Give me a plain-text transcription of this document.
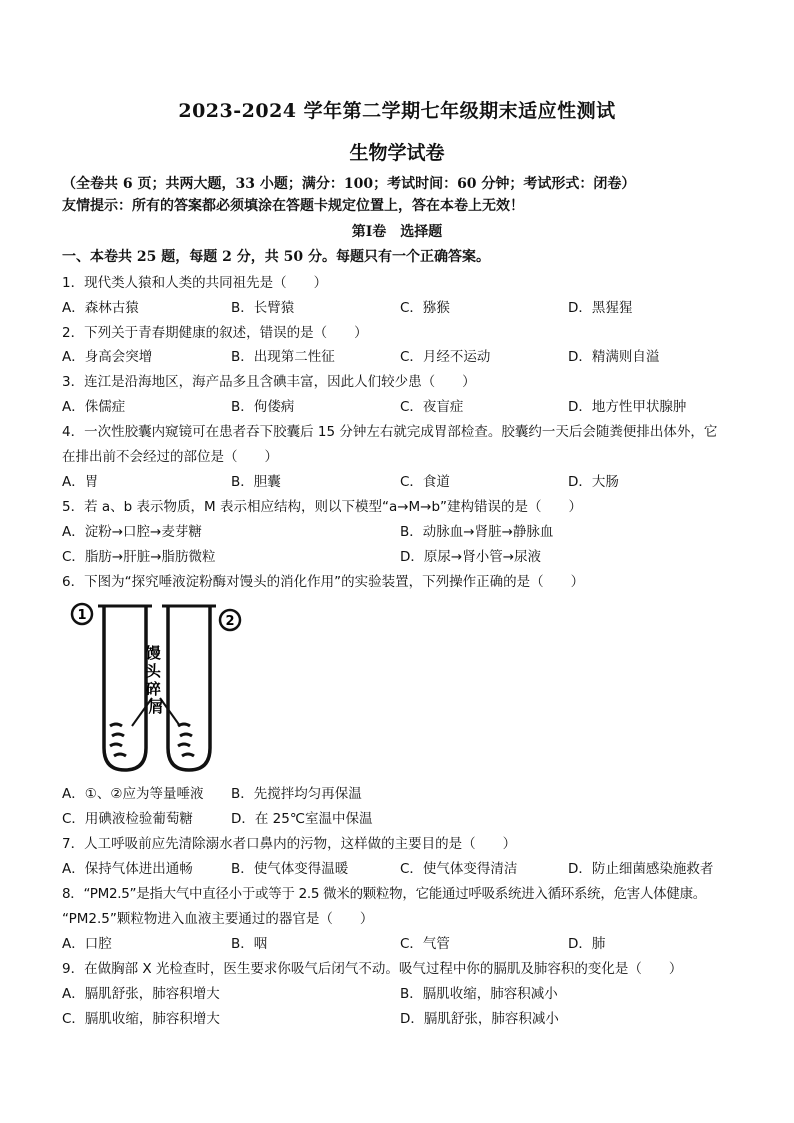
2023-2024 学年第二学期七年级期末适应性测试
生物学试卷
（全卷共 6 页；共两大题，33 小题；满分：100；考试时间：60 分钟；考试形式：闭卷）
友情提示：所有的答案都必须填涂在答题卡规定位置上，答在本卷上无效！
第Ⅰ卷　选择题
一、本卷共 25 题，每题 2 分，共 50 分。每题只有一个正确答案。
1．现代类人猿和人类的共同祖先是（　　）
A．森林古猿	B．长臂猿	C．猕猴	D．黑猩猩
2．下列关于青春期健康的叙述，错误的是（　　）
A．身高会突增	B．出现第二性征	C．月经不运动	D．精满则自溢
3．连江是沿海地区，海产品多且含碘丰富，因此人们较少患（　　）
A．侏儒症	B．佝偻病	C．夜盲症	D．地方性甲状腺肿
4．一次性胶囊内窥镜可在患者吞下胶囊后 15 分钟左右就完成胃部检查。胶囊约一天后会随粪便排出体外，它
在排出前不会经过的部位是（　　）
A．胃	B．胆囊	C．食道	D．大肠
5．若 a、b 表示物质，M 表示相应结构，则以下模型“a→M→b”建构错误的是（　　）
A．淀粉→口腔→麦芽糖	B．动脉血→肾脏→静脉血
C．脂肪→肝脏→脂肪微粒	D．原尿→肾小管→尿液
6．下图为“探究唾液淀粉酶对馒头的消化作用”的实验装置，下列操作正确的是（　　）
1	2
馒 头 碎 屑
A．①、②应为等量唾液 B．先搅拌均匀再保温
C．用碘液检验葡萄糖	D．在 25℃室温中保温
7．人工呼吸前应先清除溺水者口鼻内的污物，这样做的主要目的是（　　）
A．保持气体进出通畅	B．使气体变得温暖	C．使气体变得清洁	D．防止细菌感染施救者
8．“PM2.5”是指大气中直径小于或等于 2.5 微米的颗粒物，它能通过呼吸系统进入循环系统，危害人体健康。
“PM2.5”颗粒物进入血液主要通过的器官是（　　）
A．口腔	B．咽	C．气管	D．肺
9．在做胸部 X 光检查时，医生要求你吸气后闭气不动。吸气过程中你的膈肌及肺容积的变化是（　　）
A．膈肌舒张，肺容积增大	B．膈肌收缩，肺容积减小
C．膈肌收缩，肺容积增大	D．膈肌舒张，肺容积减小
